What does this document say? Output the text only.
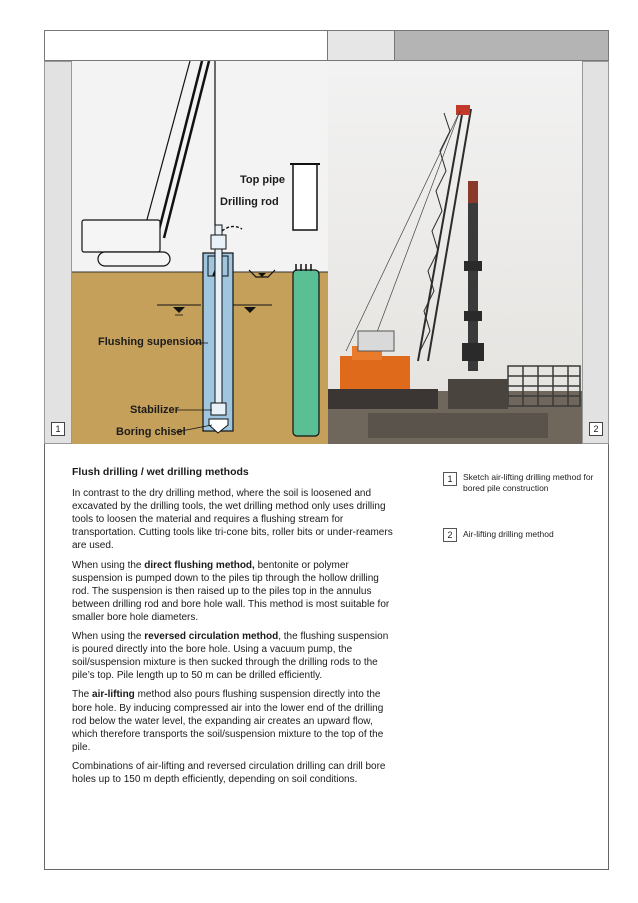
1	2
Top pipe
Drilling rod
Flushing supension
Stabilizer
Boring chisel
1	Sketch air-lifting drilling method for bored pile construction
2	Air-lifting drilling method
Flush drilling / wet drilling methods

In contrast to the dry drilling method, where the soil is loosened and excavated by the drilling tools, the wet drilling method only uses drilling tools to loosen the material and requires a flushing stream for transportation. Cutting tools like tri-cone bits, roller bits or under-reamers are used.

When using the direct flushing method, bentonite or polymer suspension is pumped down to the piles tip through the hollow drilling rod. The suspension is then raised up to the piles top in the annulus between drilling rod and bore hole wall. This method is most suitable for smaller bore hole diameters.

When using the reversed circulation method, the flushing suspension is poured directly into the bore hole. Using a vacuum pump, the soil/suspension mixture is then sucked through the drilling rods to the pile’s top. Pile length up to 50 m can be drilled efficiently.

The air-lifting method also pours flushing suspension directly into the bore hole. By inducing compressed air into the lower end of the drilling rod below the water level, the expanding air creates an upward flow, which therefore transports the soil/suspension mixture to the top of the pile.

Combinations of air-lifting and reversed circulation drilling can drill bore holes up to 150 m depth efficiently, depending on soil conditions.
